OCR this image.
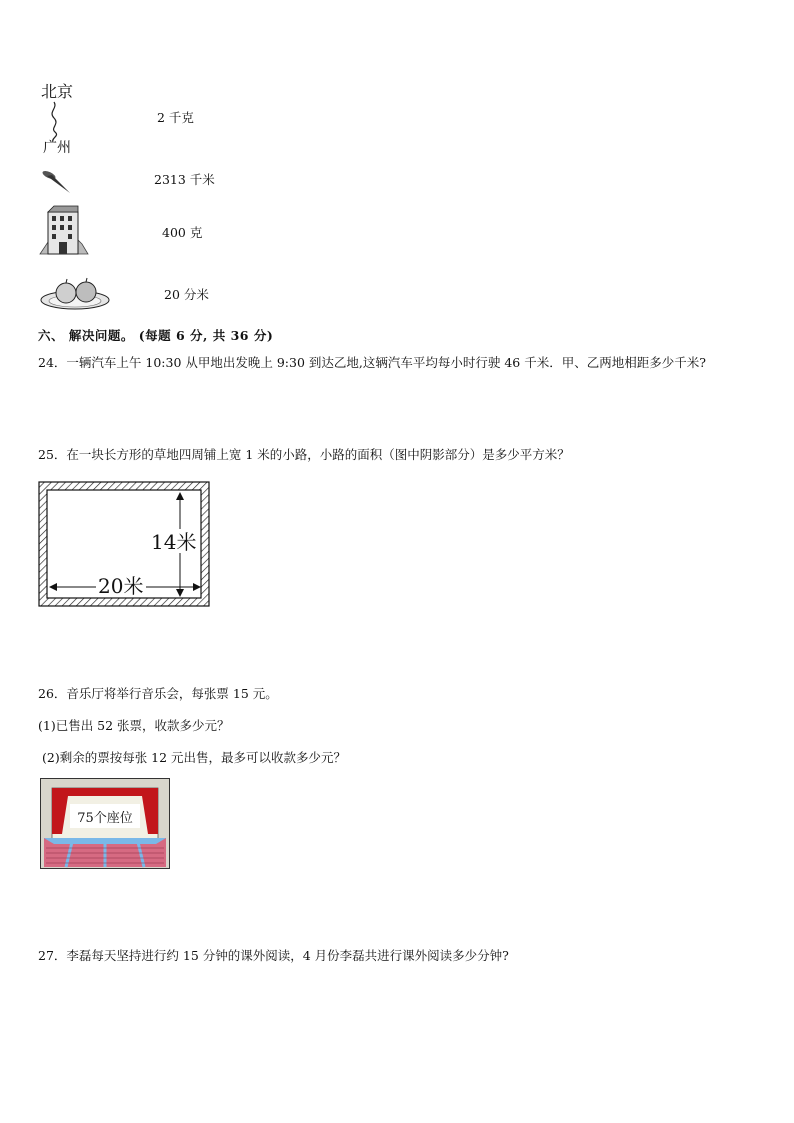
北京
广州
2 千克
2313 千米
400 克
20 分米
六、 解决问题。 (每题 6 分, 共 36 分)
24．一辆汽车上午 10:30 从甲地出发晚上 9:30 到达乙地,这辆汽车平均每小时行驶 46 千米．甲、乙两地相距多少千米?
25．在一块长方形的草地四周铺上宽 1 米的小路，小路的面积（图中阴影部分）是多少平方米？
14米
20米
26．音乐厅将举行音乐会，每张票 15 元。
(1)已售出 52 张票，收款多少元？
(2)剩余的票按每张 12 元出售，最多可以收款多少元？
75个座位
27．李磊每天坚持进行约 15 分钟的课外阅读，4 月份李磊共进行课外阅读多少分钟?
